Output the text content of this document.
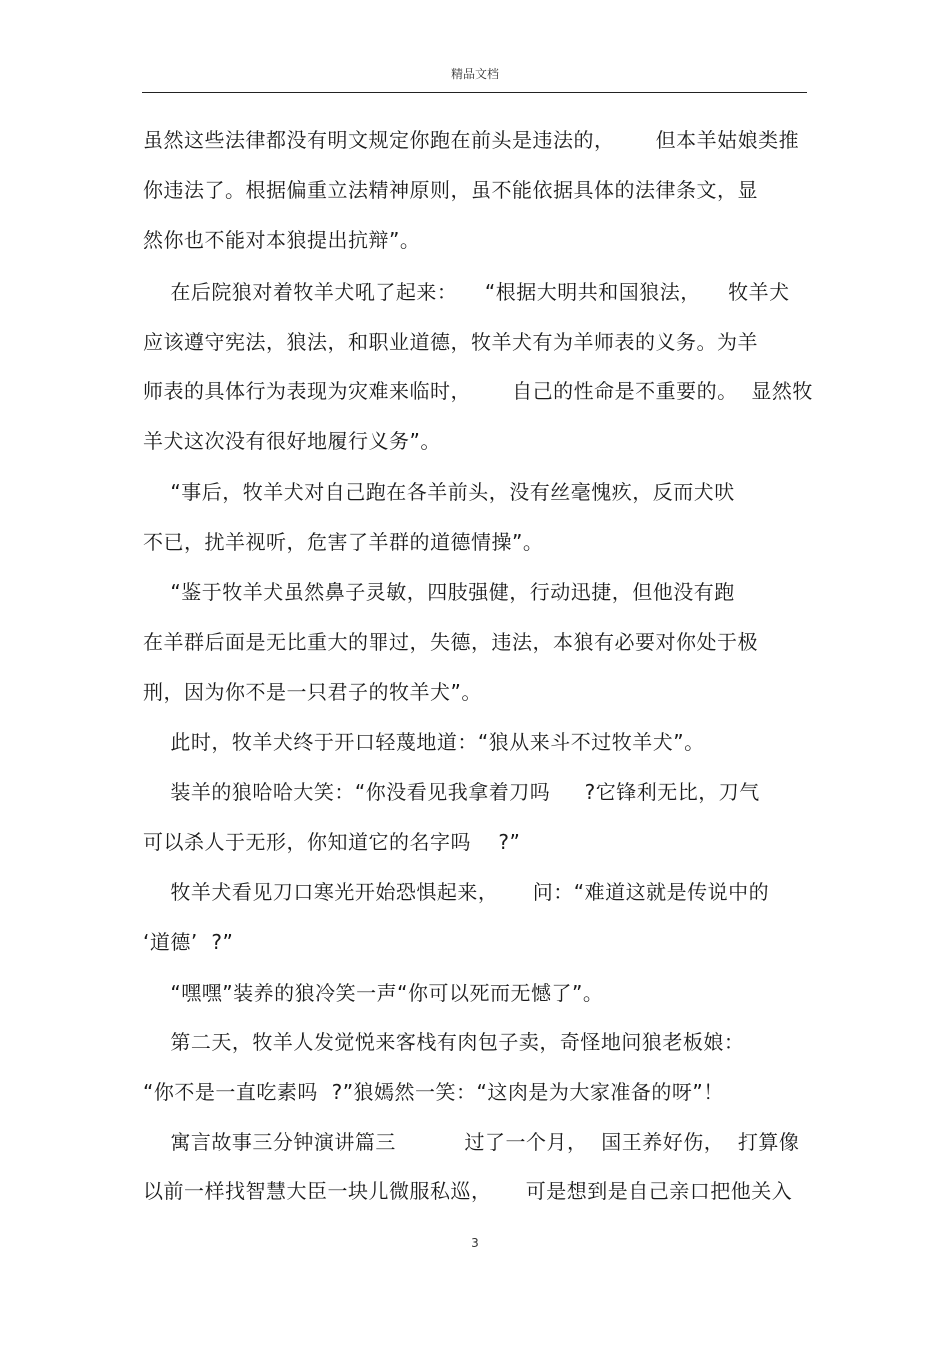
精品文档
虽然这些法律都没有明文规定你跑在前头是违法的，      但本羊姑娘类推
你违法了。根据偏重立法精神原则，虽不能依据具体的法律条文，显
然你也不能对本狼提出抗辩”。
在后院狼对着牧羊犬吼了起来：    “根据大明共和国狼法，    牧羊犬
应该遵守宪法，狼法，和职业道德，牧羊犬有为羊师表的义务。为羊
师表的具体行为表现为灾难来临时，      自己的性命是不重要的。  显然牧
羊犬这次没有很好地履行义务”。
“事后，牧羊犬对自己跑在各羊前头，没有丝毫愧疚，反而犬吠
不已，扰羊视听，危害了羊群的道德情操”。
“鉴于牧羊犬虽然鼻子灵敏，四肢强健，行动迅捷，但他没有跑
在羊群后面是无比重大的罪过，失德，违法，本狼有必要对你处于极
刑，因为你不是一只君子的牧羊犬”。
此时，牧羊犬终于开口轻蔑地道：“狼从来斗不过牧羊犬”。
装羊的狼哈哈大笑：“你没看见我拿着刀吗     ?它锋利无比，刀气
可以杀人于无形，你知道它的名字吗    ?”
牧羊犬看见刀口寒光开始恐惧起来，     问：“难道这就是传说中的
‘道德’  ?”
“嘿嘿”装养的狼冷笑一声“你可以死而无憾了”。
第二天，牧羊人发觉悦来客栈有肉包子卖，奇怪地问狼老板娘：
“你不是一直吃素吗  ?”狼嫣然一笑：“这肉是为大家准备的呀”！
寓言故事三分钟演讲篇三          过了一个月，  国王养好伤，  打算像
以前一样找智慧大臣一块儿微服私巡，     可是想到是自己亲口把他关入
3
